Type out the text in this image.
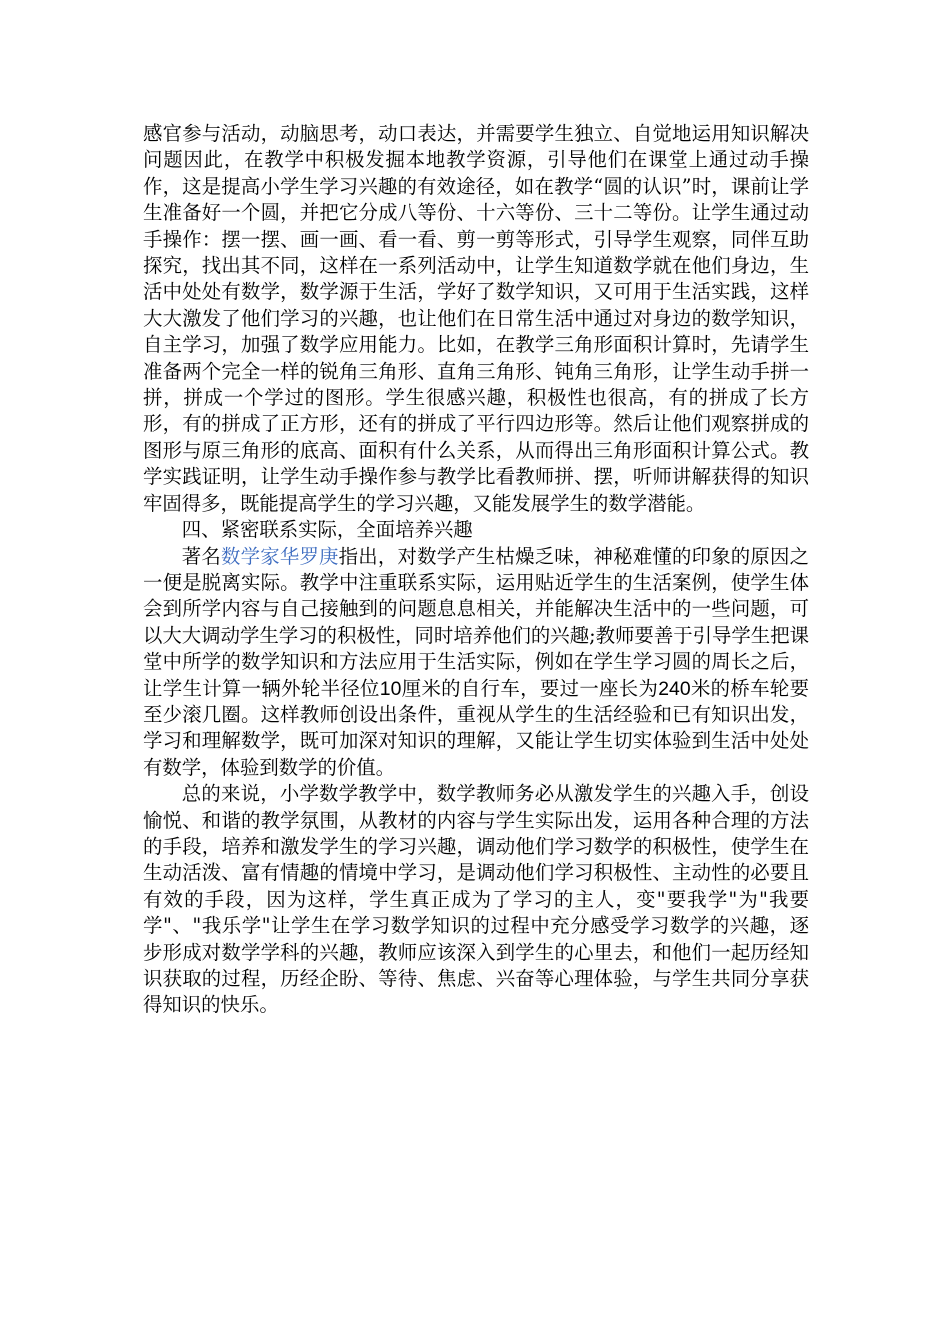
感官参与活动，动脑思考，动口表达，并需要学生独立、自觉地运用知识解决问题因此，在教学中积极发掘本地教学资源，引导他们在课堂上通过动手操作，这是提高小学生学习兴趣的有效途径，如在教学“圆的认识”时，课前让学生准备好一个圆，并把它分成八等份、十六等份、三十二等份。让学生通过动手操作：摆一摆、画一画、看一看、剪一剪等形式，引导学生观察，同伴互助探究，找出其不同，这样在一系列活动中，让学生知道数学就在他们身边，生活中处处有数学，数学源于生活，学好了数学知识，又可用于生活实践，这样大大激发了他们学习的兴趣，也让他们在日常生活中通过对身边的数学知识，自主学习，加强了数学应用能力。比如，在教学三角形面积计算时，先请学生准备两个完全一样的锐角三角形、直角三角形、钝角三角形，让学生动手拼一拼，拼成一个学过的图形。学生很感兴趣，积极性也很高，有的拼成了长方形，有的拼成了正方形，还有的拼成了平行四边形等。然后让他们观察拼成的图形与原三角形的底高、面积有什么关系，从而得出三角形面积计算公式。教学实践证明，让学生动手操作参与教学比看教师拼、摆，听师讲解获得的知识牢固得多，既能提高学生的学习兴趣，又能发展学生的数学潜能。

四、紧密联系实际，全面培养兴趣

著名数学家华罗庚指出，对数学产生枯燥乏味，神秘难懂的印象的原因之一便是脱离实际。教学中注重联系实际，运用贴近学生的生活案例，使学生体会到所学内容与自己接触到的问题息息相关，并能解决生活中的一些问题，可以大大调动学生学习的积极性，同时培养他们的兴趣;教师要善于引导学生把课堂中所学的数学知识和方法应用于生活实际，例如在学生学习圆的周长之后，让学生计算一辆外轮半径位10厘米的自行车，要过一座长为240米的桥车轮要至少滚几圈。这样教师创设出条件，重视从学生的生活经验和已有知识出发，学习和理解数学，既可加深对知识的理解，又能让学生切实体验到生活中处处有数学，体验到数学的价值。

总的来说，小学数学教学中，数学教师务必从激发学生的兴趣入手，创设愉悦、和谐的教学氛围，从教材的内容与学生实际出发，运用各种合理的方法的手段，培养和激发学生的学习兴趣，调动他们学习数学的积极性，使学生在生动活泼、富有情趣的情境中学习，是调动他们学习积极性、主动性的必要且有效的手段，因为这样，学生真正成为了学习的主人，变"要我学"为"我要学"、"我乐学"让学生在学习数学知识的过程中充分感受学习数学的兴趣，逐步形成对数学学科的兴趣，教师应该深入到学生的心里去，和他们一起历经知识获取的过程，历经企盼、等待、焦虑、兴奋等心理体验，与学生共同分享获得知识的快乐。
